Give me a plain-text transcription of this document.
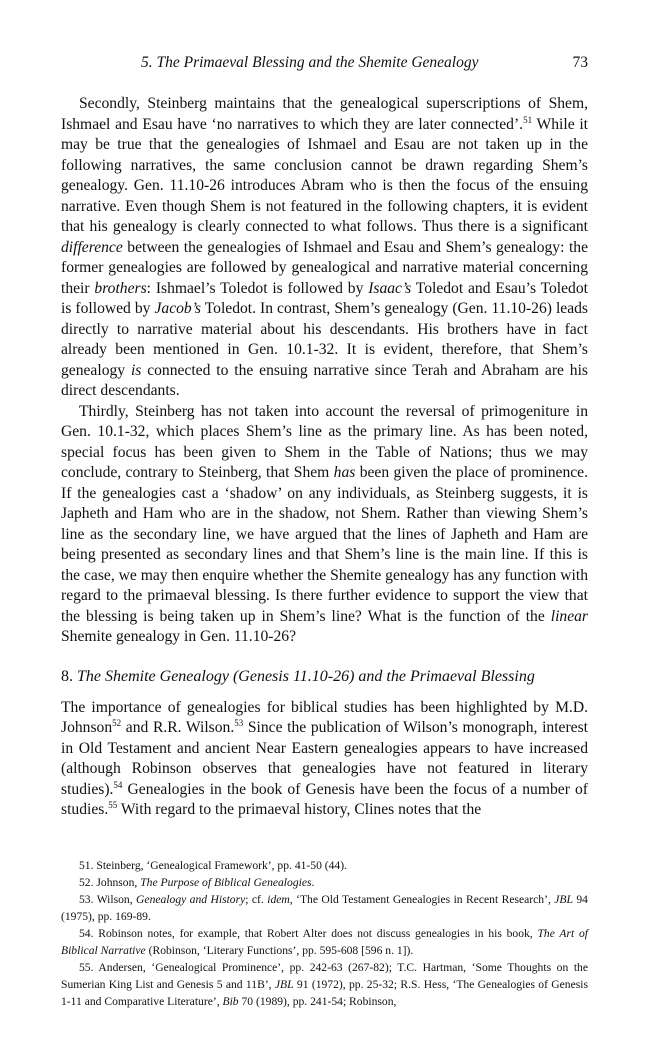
5. The Primaeval Blessing and the Shemite Genealogy	73

Secondly, Steinberg maintains that the genealogical superscriptions of Shem, Ishmael and Esau have ‘no narratives to which they are later connected’.$^{51}$ While it may be true that the genealogies of Ishmael and Esau are not taken up in the following narratives, the same conclusion cannot be drawn regarding Shem’s genealogy. Gen. 11.10-26 introduces Abram who is then the focus of the ensuing narrative. Even though Shem is not featured in the following chapters, it is evident that his genealogy is clearly connected to what follows. Thus there is a significant difference between the genealogies of Ishmael and Esau and Shem’s genealogy: the former genealogies are followed by genealogical and narrative material concerning their brothers: Ishmael’s Toledot is followed by Isaac’s Toledot and Esau’s Toledot is followed by Jacob’s Toledot. In contrast, Shem’s genealogy (Gen. 11.10-26) leads directly to narrative material about his descendants. His brothers have in fact already been mentioned in Gen. 10.1-32. It is evident, therefore, that Shem’s genealogy is connected to the ensuing narrative since Terah and Abraham are his direct descendants.

Thirdly, Steinberg has not taken into account the reversal of primogeniture in Gen. 10.1-32, which places Shem’s line as the primary line. As has been noted, special focus has been given to Shem in the Table of Nations; thus we may conclude, contrary to Steinberg, that Shem has been given the place of prominence. If the genealogies cast a ‘shadow’ on any individuals, as Steinberg suggests, it is Japheth and Ham who are in the shadow, not Shem. Rather than viewing Shem’s line as the secondary line, we have argued that the lines of Japheth and Ham are being presented as secondary lines and that Shem’s line is the main line. If this is the case, we may then enquire whether the Shemite genealogy has any function with regard to the primaeval blessing. Is there further evidence to support the view that the blessing is being taken up in Shem’s line? What is the function of the linear Shemite genealogy in Gen. 11.10-26?

8. The Shemite Genealogy (Genesis 11.10-26) and the Primaeval Blessing

The importance of genealogies for biblical studies has been highlighted by M.D. Johnson$^{52}$ and R.R. Wilson.$^{53}$ Since the publication of Wilson’s monograph, interest in Old Testament and ancient Near Eastern genealogies appears to have increased (although Robinson observes that genealogies have not featured in literary studies).$^{54}$ Genealogies in the book of Genesis have been the focus of a number of studies.$^{55}$ With regard to the primaeval history, Clines notes that the

51. Steinberg, ‘Genealogical Framework’, pp. 41-50 (44).

52. Johnson, The Purpose of Biblical Genealogies.

53. Wilson, Genealogy and History; cf. idem, ‘The Old Testament Genealogies in Recent Research’, JBL 94 (1975), pp. 169-89.

54. Robinson notes, for example, that Robert Alter does not discuss genealogies in his book, The Art of Biblical Narrative (Robinson, ‘Literary Functions’, pp. 595-608 [596 n. 1]).

55. Andersen, ‘Genealogical Prominence’, pp. 242-63 (267-82); T.C. Hartman, ‘Some Thoughts on the Sumerian King List and Genesis 5 and 11B’, JBL 91 (1972), pp. 25-32; R.S. Hess, ‘The Genealogies of Genesis 1-11 and Comparative Literature’, Bib 70 (1989), pp. 241-54; Robinson,
